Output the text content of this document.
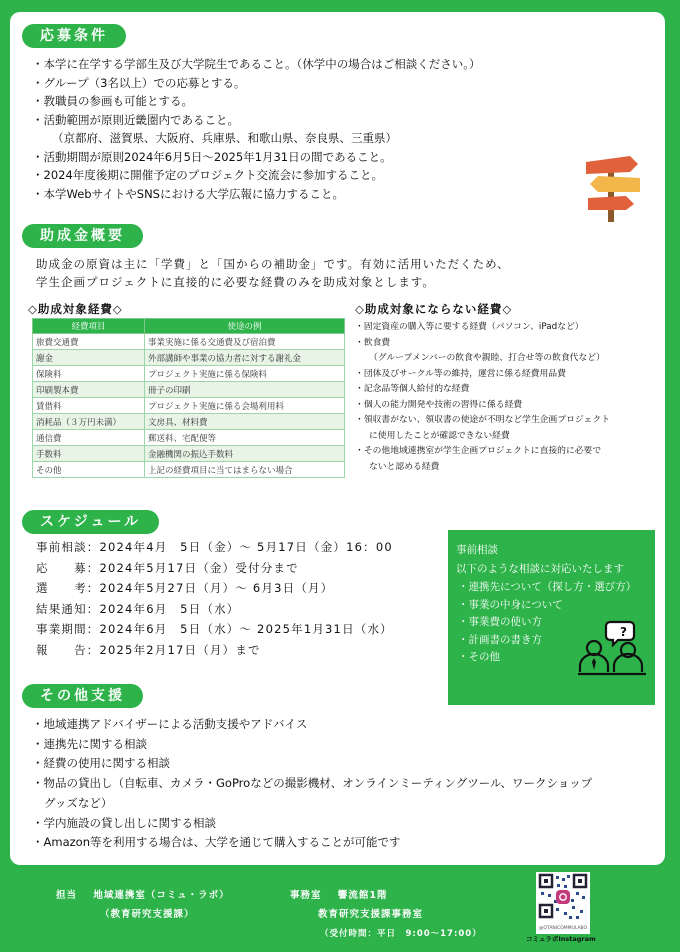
応募条件
・ 本学に在学する学部生及び大学院生であること。（休学中の場合はご相談ください。）
・ グループ（3名以上）での応募とする。
・ 教職員の参画も可能とする。
・ 活動範囲が原則近畿圏内であること。
（京都府、滋賀県、大阪府、兵庫県、和歌山県、奈良県、三重県）
・ 活動期間が原則2024年6月5日～2025年1月31日の間であること。
・ 2024年度後期に開催予定のプロジェクト交流会に参加すること。
・ 本学WebサイトやSNSにおける大学広報に協力すること。
助成金概要
助成金の原資は主に「学費」と「国からの補助金」です。有効に活用いただくため、
学生企画プロジェクトに直接的に必要な経費のみを助成対象とします。
◇助成対象経費◇
経費項目	使途の例
旅費交通費	事業実施に係る交通費及び宿泊費
謝金	外部講師や事業の協力者に対する謝礼金
保険料	プロジェクト実施に係る保険料
印刷製本費	冊子の印刷
賃借料	プロジェクト実施に係る会場利用料
消耗品（３万円未満）	文房具、材料費
通信費	郵送料、宅配便等
手数料	金融機関の振込手数料
その他	上記の経費項目に当てはまらない場合
◇助成対象にならない経費◇
・ 固定資産の購入等に要する経費（パソコン、iPadなど）
・ 飲食費
（グループメンバーの飲食や親睦、打合せ等の飲食代など）
・ 団体及びサークル等の維持，運営に係る経費用品費
・ 記念品等個人給付的な経費
・ 個人の能力開発や技術の習得に係る経費
・ 領収書がない、領収書の使途が不明など学生企画プロジェクト
に使用したことが確認できない経費
・ その他地域連携室が学生企画プロジェクトに直接的に必要で
ないと認める経費
スケジュール
事前相談：2024年4月　5日（金）～ 5月17日（金）16：00
応　　募：2024年5月17日（金）受付分まで
選　　考：2024年5月27日（月）～ 6月3日（月）
結果通知：2024年6月　5日（水）
事業期間：2024年6月　5日（水）～ 2025年1月31日（水）
報　　告：2025年2月17日（月）まで
事前相談
以下のような相談に対応いたします
・ 連携先について（探し方・選び方）
・ 事業の中身について
・ 事業費の使い方
・ 計画書の書き方
・ その他
?
その他支援
・ 地域連携アドバイザーによる活動支援やアドバイス
・ 連携先に関する相談
・ 経費の使用に関する相談
・ 物品の貸出し（自転車、カメラ・GoProなどの撮影機材、オンラインミーティングツール、ワークショップ
グッズなど）
・ 学内施設の貸し出しに関する相談
・ Amazon等を利用する場合は、大学を通じて購入することが可能です
担当 地域連携室（コミュ・ラボ）
（教育研究支援課）
事務室 響流館1階
教育研究支援課事務室
（受付時間：平日　9:00～17:00）
@OTANICOMMULABO
コミュラボInstagram
